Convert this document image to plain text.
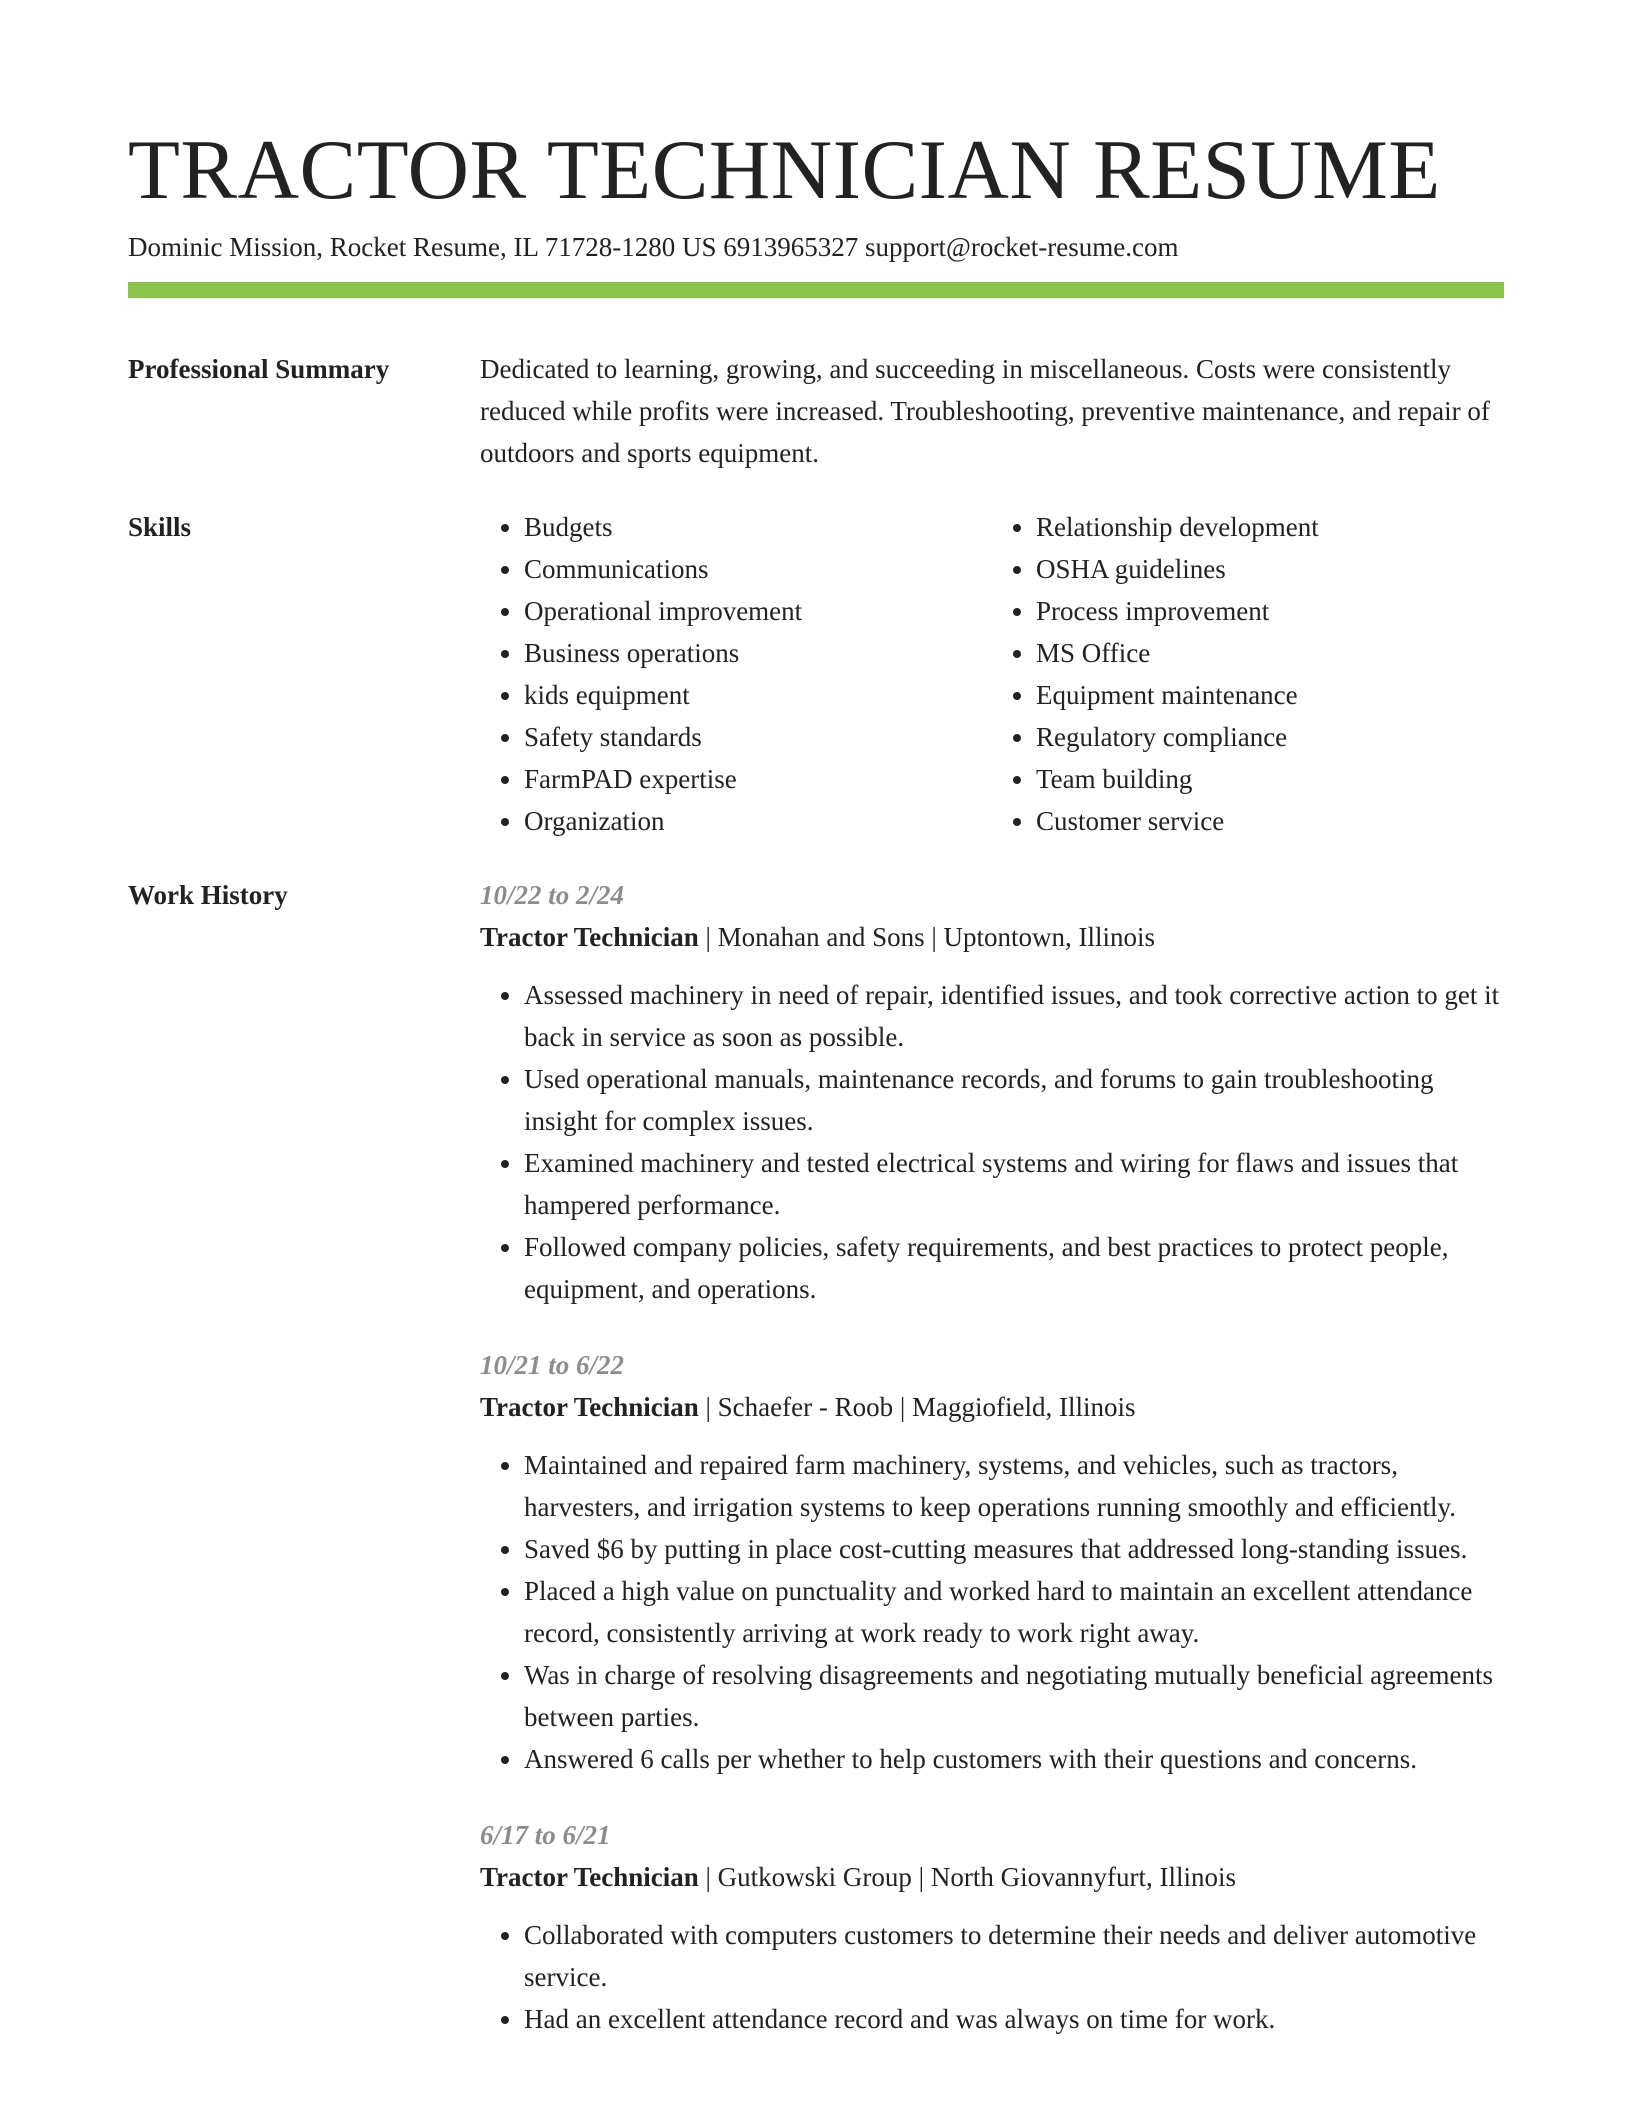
TRACTOR TECHNICIAN RESUME
Dominic Mission, Rocket Resume, IL 71728-1280 US 6913965327 support@rocket-resume.com
Professional Summary	Dedicated to learning, growing, and succeeding in miscellaneous. Costs were consistently reduced while profits were increased. Troubleshooting, preventive maintenance, and repair of outdoors and sports equipment.
Skills
•	Budgets
• Communications
• Operational improvement
• Business operations
• kids equipment
• Safety standards
• FarmPAD expertise
• Organization
• Relationship development
• OSHA guidelines
• Process improvement
• MS Office
• Equipment maintenance
• Regulatory compliance
• Team building
• Customer service
Work History	10/22 to 2/24
Tractor Technician | Monahan and Sons | Uptontown, Illinois
• Assessed machinery in need of repair, identified issues, and took corrective action to get it back in service as soon as possible.
• Used operational manuals, maintenance records, and forums to gain troubleshooting insight for complex issues.
• Examined machinery and tested electrical systems and wiring for flaws and issues that hampered performance.
• Followed company policies, safety requirements, and best practices to protect people, equipment, and operations.
10/21 to 6/22
Tractor Technician | Schaefer - Roob | Maggiofield, Illinois
• Maintained and repaired farm machinery, systems, and vehicles, such as tractors, harvesters, and irrigation systems to keep operations running smoothly and efficiently.
• Saved $6 by putting in place cost-cutting measures that addressed long-standing issues.
• Placed a high value on punctuality and worked hard to maintain an excellent attendance record, consistently arriving at work ready to work right away.
• Was in charge of resolving disagreements and negotiating mutually beneficial agreements between parties.
• Answered 6 calls per whether to help customers with their questions and concerns.
6/17 to 6/21
Tractor Technician | Gutkowski Group | North Giovannyfurt, Illinois
• Collaborated with computers customers to determine their needs and deliver automotive service.
• Had an excellent attendance record and was always on time for work.
